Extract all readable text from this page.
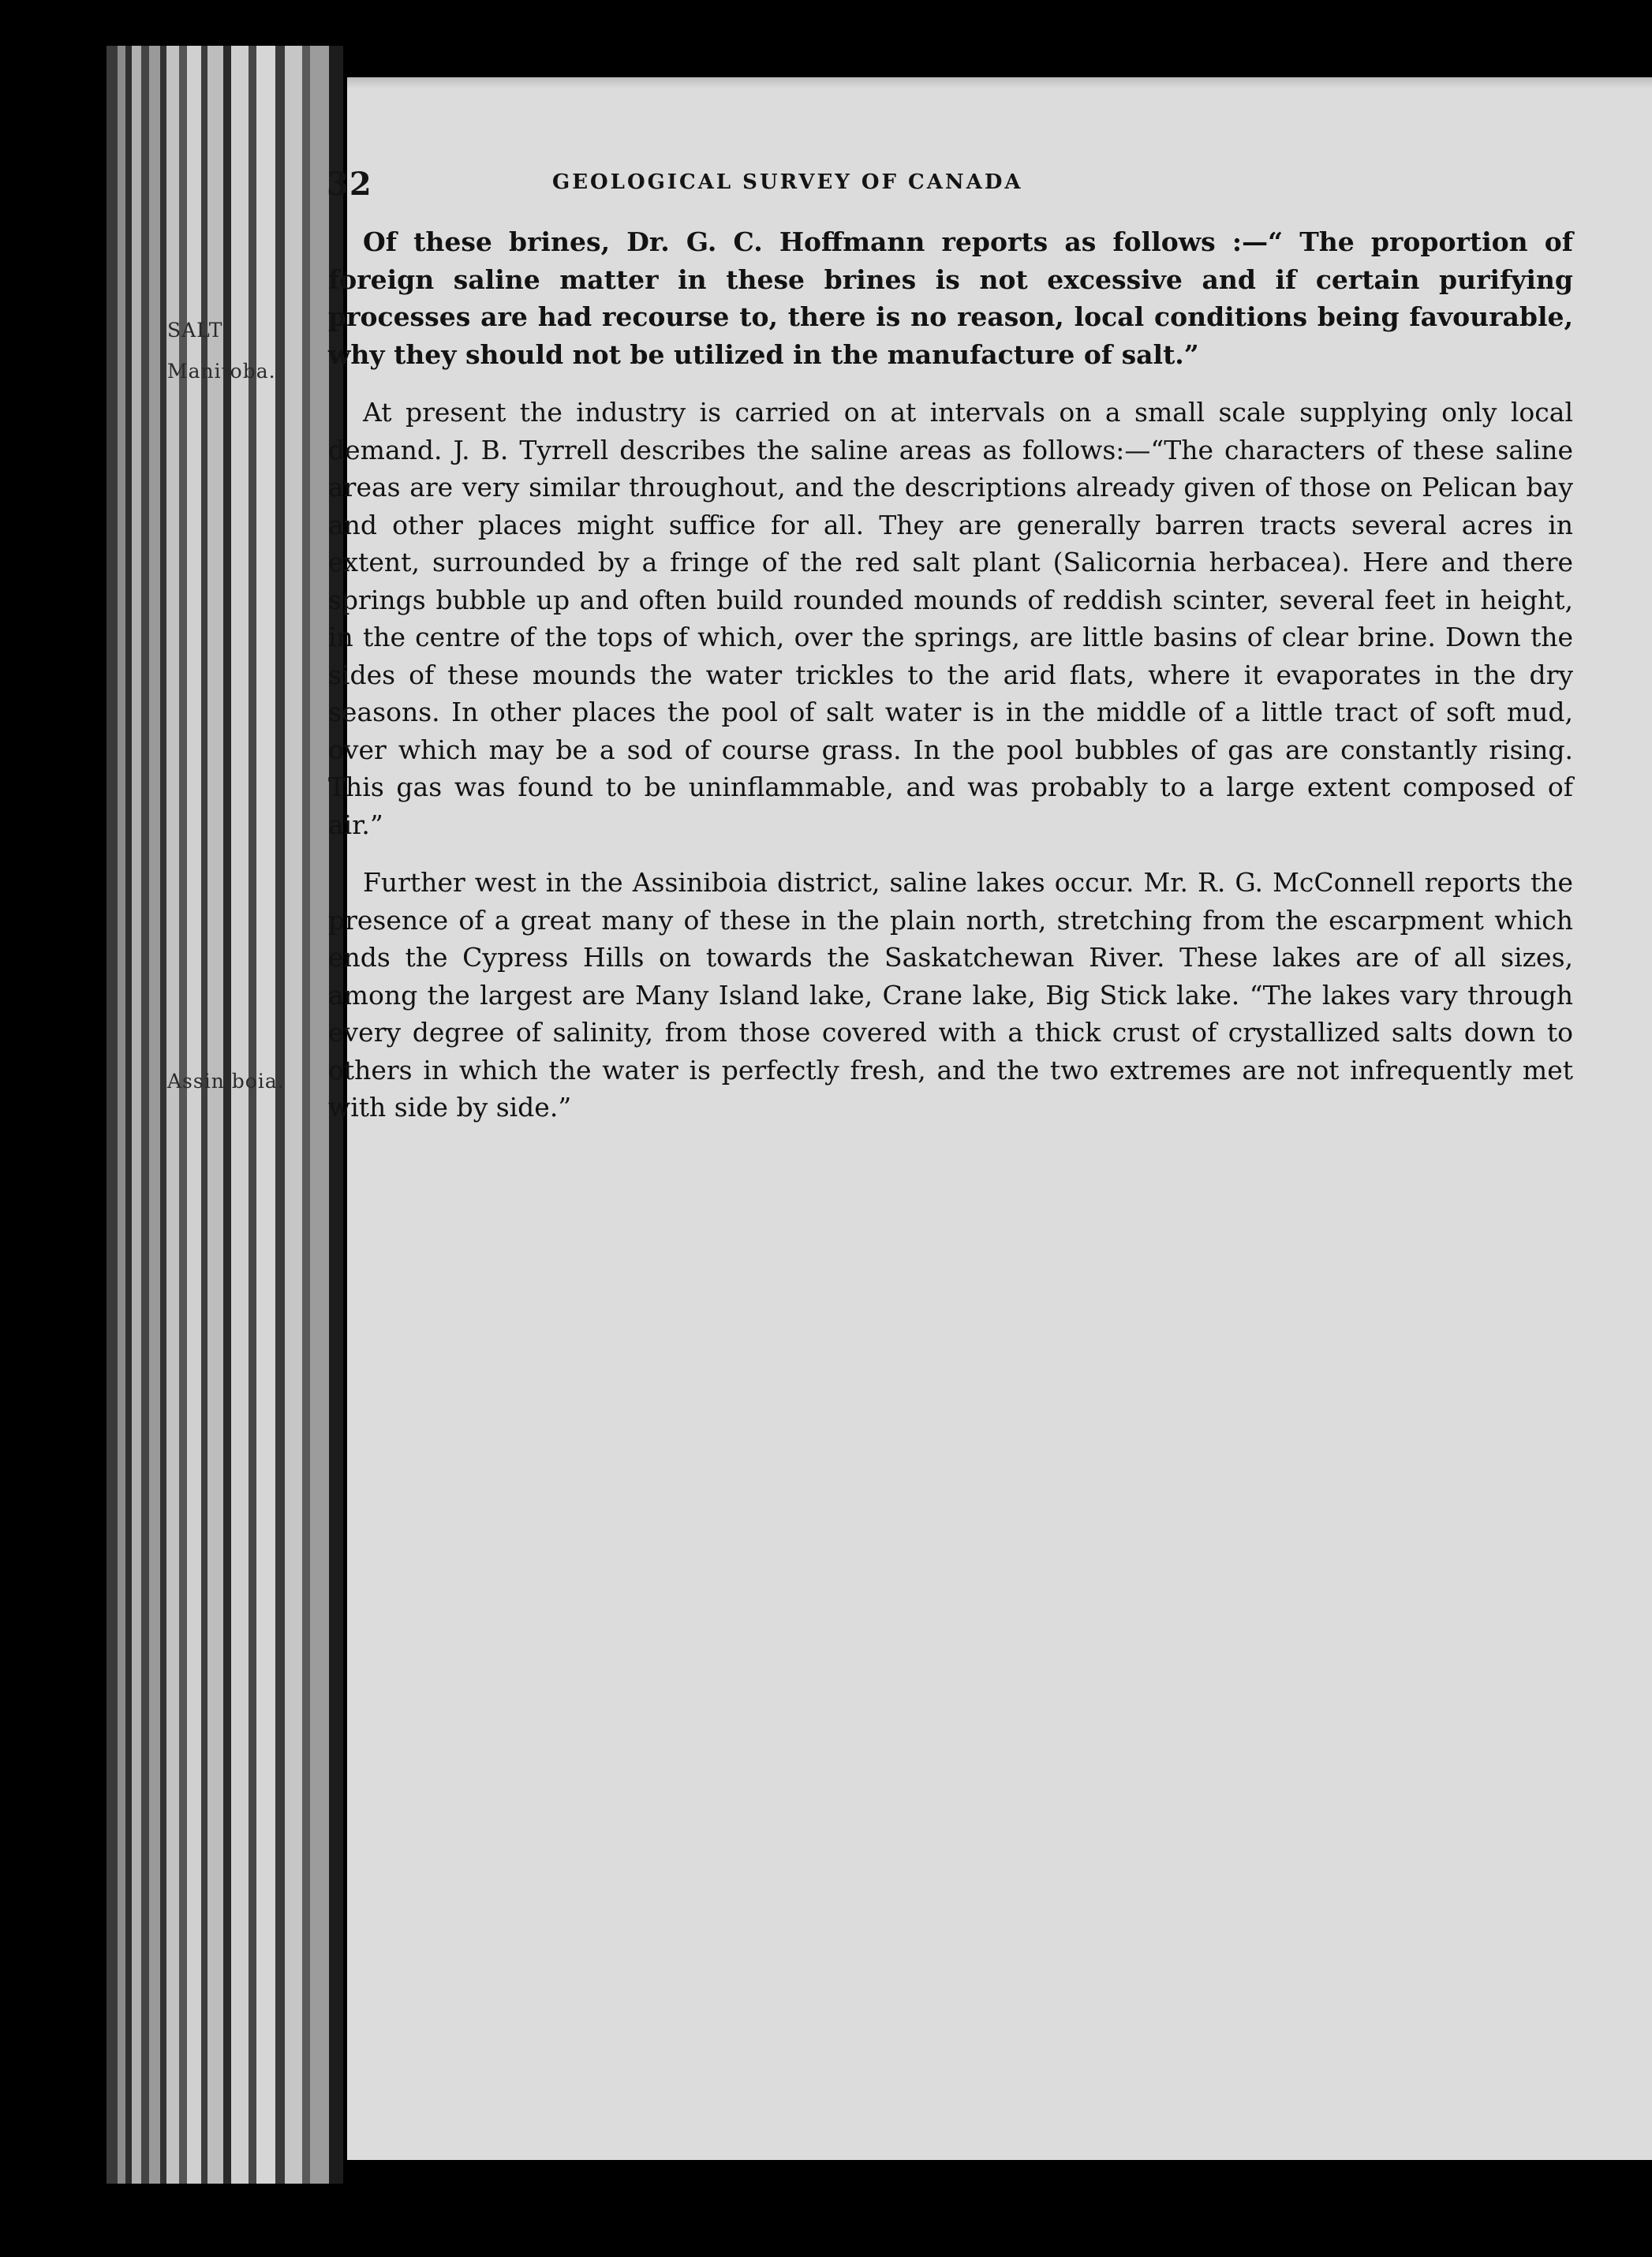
32	GEOLOGICAL SURVEY OF CANADA
SALT
Manitoba.
Assiniboia.

Of these brines, Dr. G. C. Hoffmann reports as follows :—“ The proportion of foreign saline matter in these brines is not excessive and if certain purifying processes are had recourse to, there is no reason, local conditions being favourable, why they should not be utilized in the manufacture of salt.”

At present the industry is carried on at intervals on a small scale supplying only local demand. J. B. Tyrrell describes the saline areas as follows:—“The characters of these saline areas are very similar throughout, and the descriptions already given of those on Pelican bay and other places might suffice for all. They are generally barren tracts several acres in extent, surrounded by a fringe of the red salt plant (Salicornia herbacea). Here and there springs bubble up and often build rounded mounds of reddish scinter, several feet in height, in the centre of the tops of which, over the springs, are little basins of clear brine. Down the sides of these mounds the water trickles to the arid flats, where it evaporates in the dry seasons. In other places the pool of salt water is in the middle of a little tract of soft mud, over which may be a sod of course grass. In the pool bubbles of gas are constantly rising. This gas was found to be uninflammable, and was probably to a large extent composed of air.”

Further west in the Assiniboia district, saline lakes occur. Mr. R. G. McConnell reports the presence of a great many of these in the plain north, stretching from the escarpment which ends the Cypress Hills on towards the Saskatchewan River. These lakes are of all sizes, among the largest are Many Island lake, Crane lake, Big Stick lake. “The lakes vary through every degree of salinity, from those covered with a thick crust of crystallized salts down to others in which the water is perfectly fresh, and the two extremes are not infrequently met with side by side.”
